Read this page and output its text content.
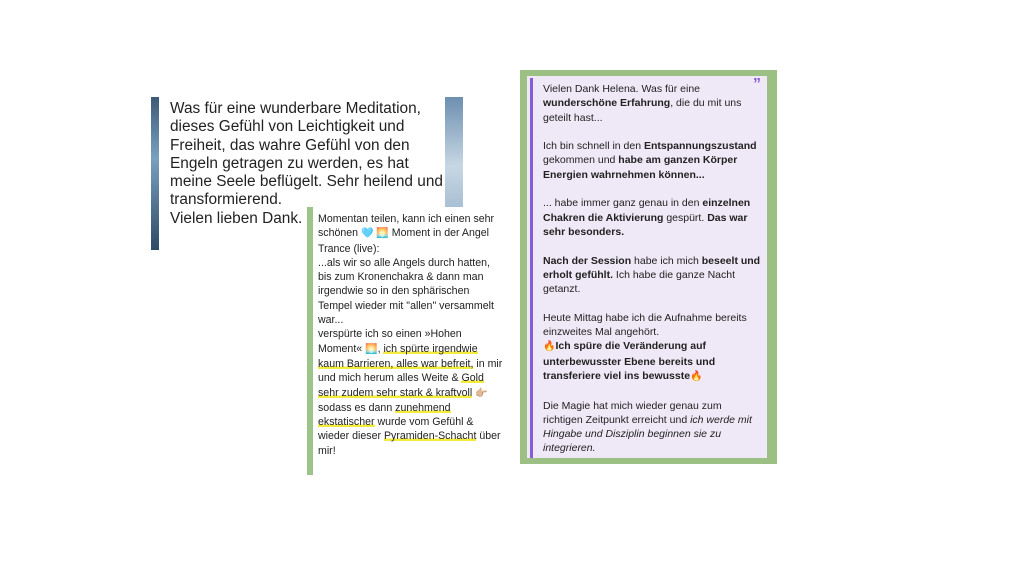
Was für eine wunderbare Meditation,
dieses Gefühl von Leichtigkeit und
Freiheit, das wahre Gefühl von den
Engeln getragen zu werden, es hat
meine Seele beflügelt. Sehr heilend und
transformierend.
Vielen lieben Dank.	Momentan teilen, kann ich einen sehr schönen 🩵 🌅 Moment in der Angel Trance (live):

...als wir so alle Angels durch hatten, bis zum Kronenchakra & dann man irgendwie so in den sphärischen Tempel wieder mit "allen" versammelt war...

verspürte ich so einen »Hohen Moment« 🌅, ich spürte irgendwie kaum Barrieren, alles war befreit, in mir und mich herum alles Weite & Gold sehr zudem sehr stark & kraftvoll 👉🏼 sodass es dann zunehmend ekstatischer wurde vom Gefühl & wieder dieser Pyramiden-Schacht über mir!

”

Vielen Dank Helena. Was für eine wunderschöne Erfahrung, die du mit uns geteilt hast...

Ich bin schnell in den Entspannungszustand gekommen und habe am ganzen Körper Energien wahrnehmen können...

... habe immer ganz genau in den einzelnen Chakren die Aktivierung gespürt. Das war sehr besonders.

Nach der Session habe ich mich beseelt und erholt gefühlt. Ich habe die ganze Nacht getanzt.

Heute Mittag habe ich die Aufnahme bereits einzweites Mal angehört.
🔥Ich spüre die Veränderung auf unterbewusster Ebene bereits und transferiere viel ins bewusste🔥

Die Magie hat mich wieder genau zum richtigen Zeitpunkt erreicht und ich werde mit Hingabe und Disziplin beginnen sie zu integrieren.
